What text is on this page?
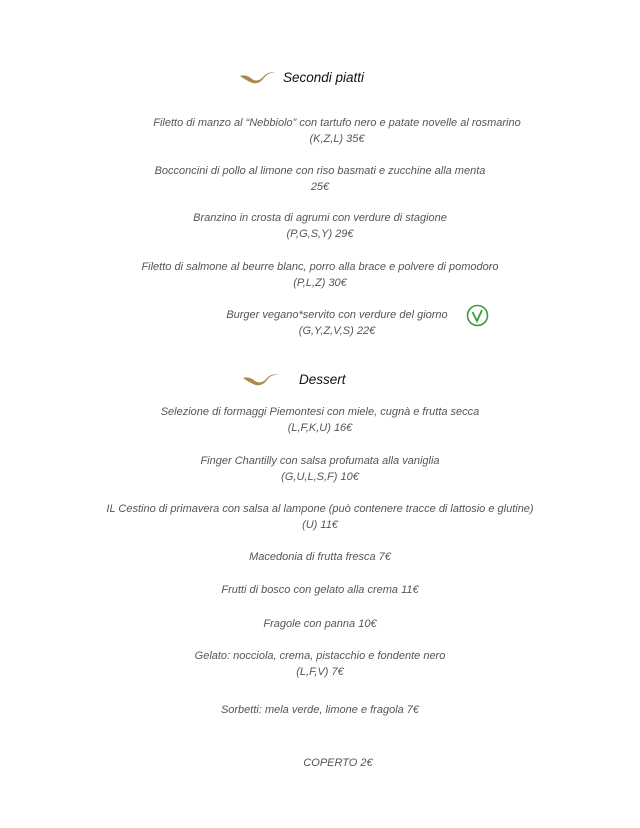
Secondi piatti
Filetto di manzo al “Nebbiolo” con tartufo nero e patate novelle al rosmarino
(K,Z,L) 35€
Bocconcini di pollo al limone con riso basmati e zucchine alla menta
25€
Branzino in crosta di agrumi con verdure di stagione
(P,G,S,Y) 29€
Filetto di salmone al beurre blanc, porro alla brace e polvere di pomodoro
(P,L,Z) 30€
Burger vegano*servito con verdure del giorno
(G,Y,Z,V,S) 22€
Dessert
Selezione di formaggi Piemontesi con miele, cugnà e frutta secca
(L,F,K,U) 16€
Finger Chantilly con salsa profumata alla vaniglia
(G,U,L,S,F) 10€
IL Cestino di primavera con salsa al lampone (può contenere tracce di lattosio e glutine)
(U) 11€
Macedonia di frutta fresca 7€
Frutti di bosco con gelato alla crema 11€
Fragole con panna 10€
Gelato: nocciola, crema, pistacchio e fondente nero
(L,F,V) 7€
Sorbetti: mela verde, limone e fragola 7€
COPERTO 2€
